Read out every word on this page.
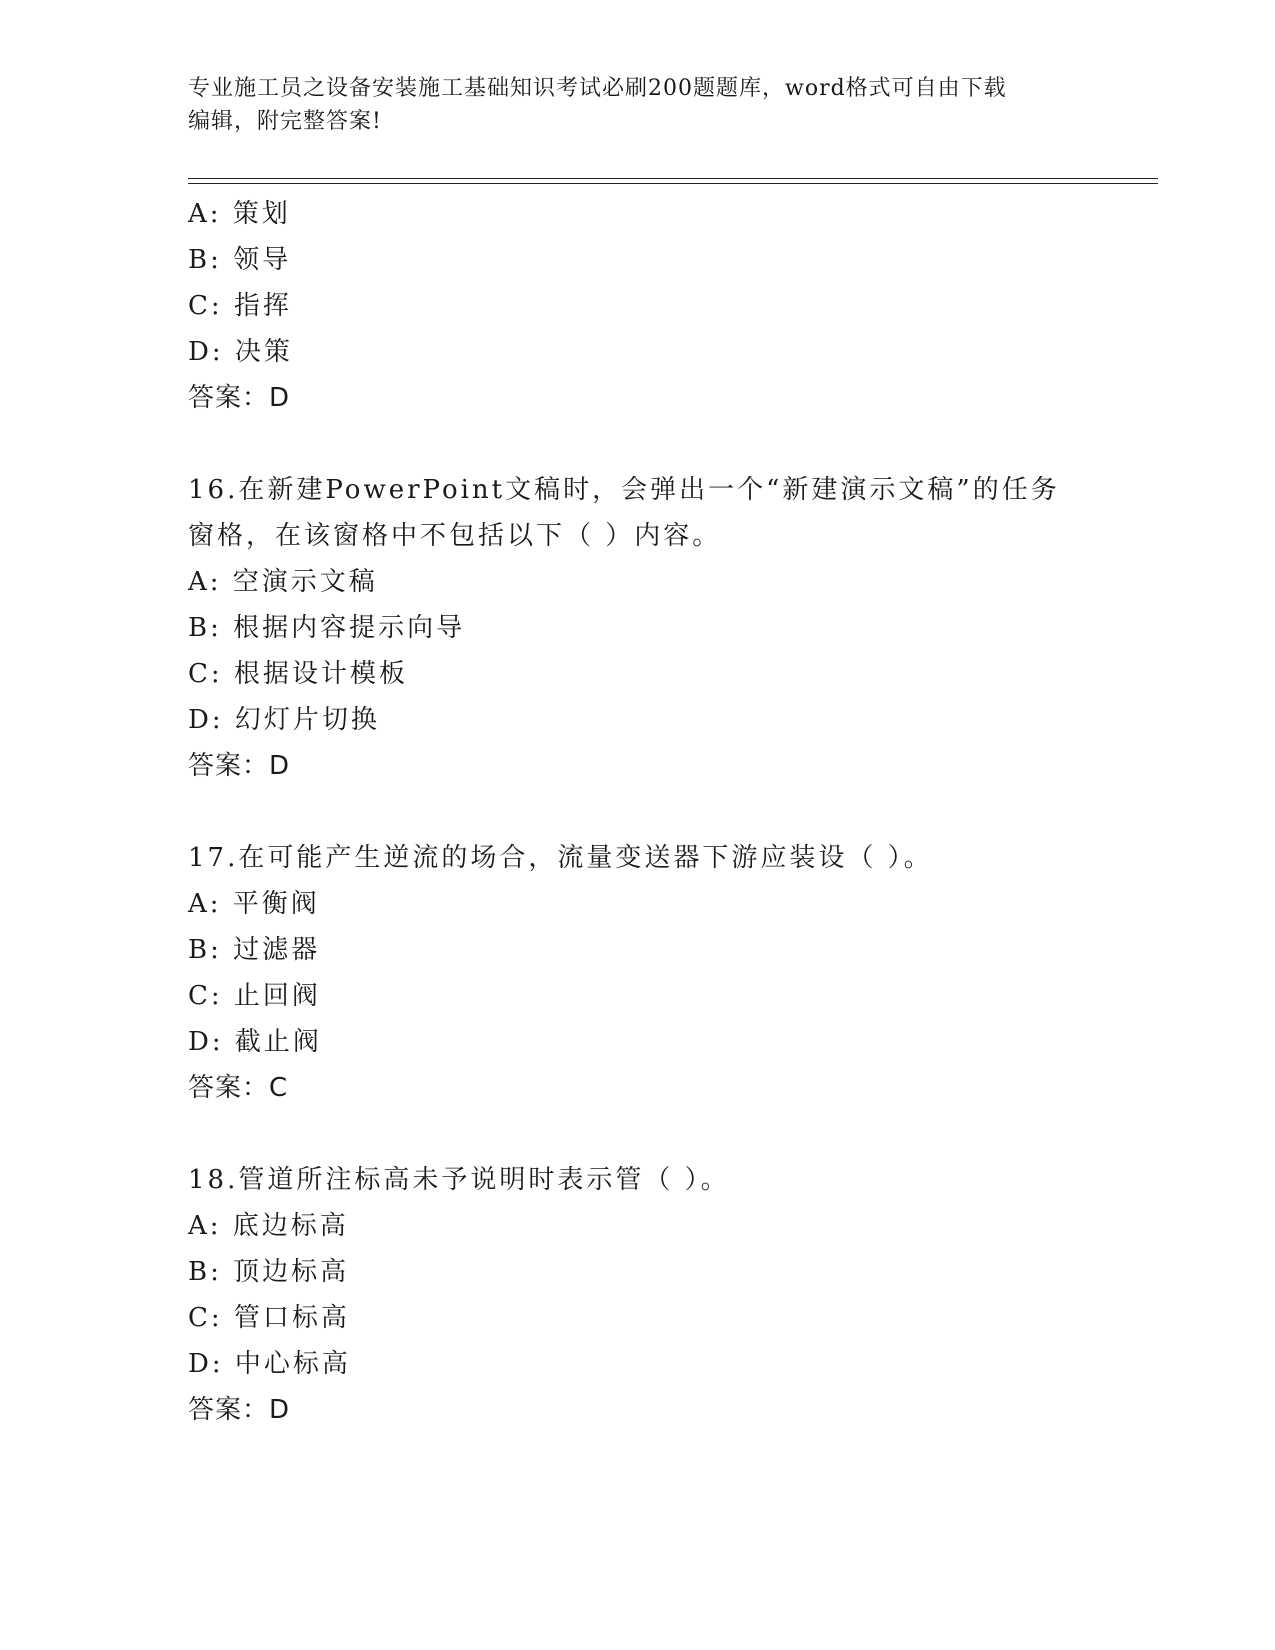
专业施工员之设备安装施工基础知识考试必刷200题题库，word格式可自由下载
编辑，附完整答案!
A: 策划
B: 领导
C: 指挥
D: 决策
答案：D
16.在新建PowerPoint文稿时，会弹出一个“新建演示文稿”的任务
窗格，在该窗格中不包括以下（ ）内容。
A: 空演示文稿
B: 根据内容提示向导
C: 根据设计模板
D: 幻灯片切换
答案：D
17.在可能产生逆流的场合，流量变送器下游应装设（ ）。
A: 平衡阀
B: 过滤器
C: 止回阀
D: 截止阀
答案：C
18.管道所注标高未予说明时表示管（ ）。
A: 底边标高
B: 顶边标高
C: 管口标高
D: 中心标高
答案：D
